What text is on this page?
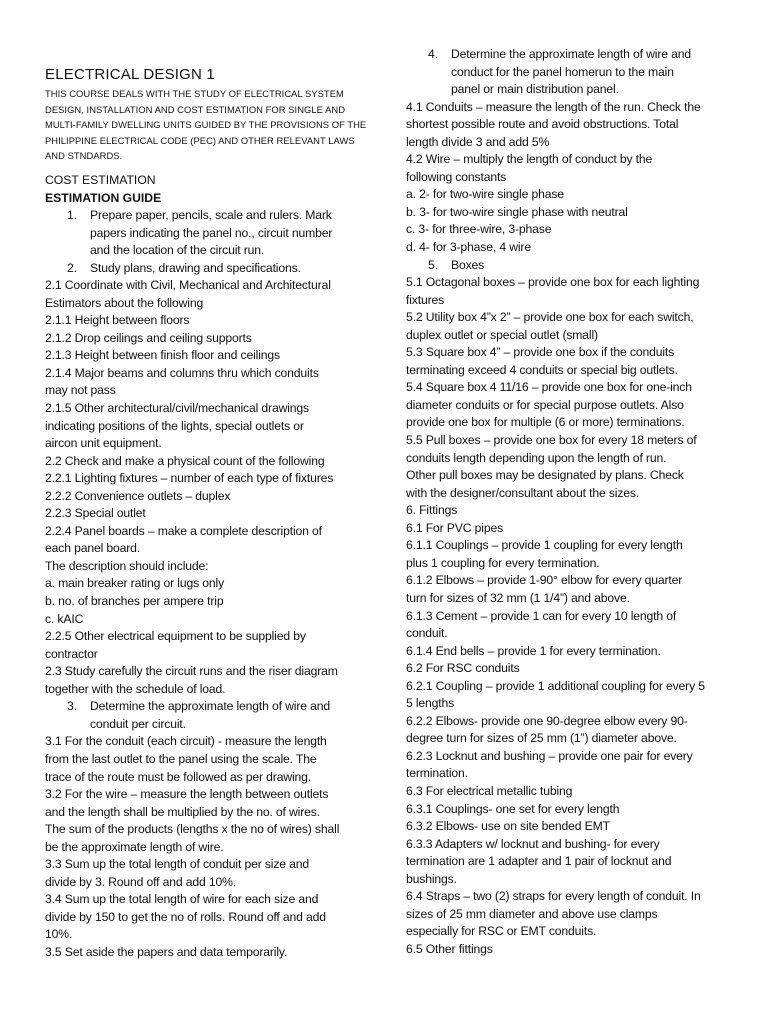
ELECTRICAL DESIGN 1
THIS COURSE DEALS WITH THE STUDY OF ELECTRICAL SYSTEM
DESIGN, INSTALLATION AND COST ESTIMATION FOR SINGLE AND
MULTI-FAMILY DWELLING UNITS GUIDED BY THE PROVISIONS OF THE
PHILIPPINE ELECTRICAL CODE (PEC) AND OTHER RELEVANT LAWS
AND STNDARDS.
COST ESTIMATION
ESTIMATION GUIDE
1. Prepare paper, pencils, scale and rulers. Mark
papers indicating the panel no., circuit number
and the location of the circuit run.
2. Study plans, drawing and specifications.
2.1 Coordinate with Civil, Mechanical and Architectural
Estimators about the following
2.1.1 Height between floors
2.1.2 Drop ceilings and ceiling supports
2.1.3 Height between finish floor and ceilings
2.1.4 Major beams and columns thru which conduits
may not pass
2.1.5 Other architectural/civil/mechanical drawings
indicating positions of the lights, special outlets or
aircon unit equipment.
2.2 Check and make a physical count of the following
2.2.1 Lighting fixtures – number of each type of fixtures
2.2.2 Convenience outlets – duplex
2.2.3 Special outlet
2.2.4 Panel boards – make a complete description of
each panel board.
The description should include:
a. main breaker rating or lugs only
b. no. of branches per ampere trip
c. kAIC
2.2.5 Other electrical equipment to be supplied by
contractor
2.3 Study carefully the circuit runs and the riser diagram
together with the schedule of load.
3. Determine the approximate length of wire and
conduit per circuit.
3.1 For the conduit (each circuit) - measure the length
from the last outlet to the panel using the scale. The
trace of the route must be followed as per drawing.
3.2 For the wire – measure the length between outlets
and the length shall be multiplied by the no. of wires.
The sum of the products (lengths x the no of wires) shall
be the approximate length of wire.
3.3 Sum up the total length of conduit per size and
divide by 3. Round off and add 10%.
3.4 Sum up the total length of wire for each size and
divide by 150 to get the no of rolls. Round off and add
10%.
3.5 Set aside the papers and data temporarily.
4. Determine the approximate length of wire and
conduct for the panel homerun to the main
panel or main distribution panel.
4.1 Conduits – measure the length of the run. Check the
shortest possible route and avoid obstructions. Total
length divide 3 and add 5%
4.2 Wire – multiply the length of conduct by the
following constants
a. 2- for two-wire single phase
b. 3- for two-wire single phase with neutral
c. 3- for three-wire, 3-phase
d. 4- for 3-phase, 4 wire
5. Boxes
5.1 Octagonal boxes – provide one box for each lighting
fixtures
5.2 Utility box 4”x 2” – provide one box for each switch,
duplex outlet or special outlet (small)
5.3 Square box 4” – provide one box if the conduits
terminating exceed 4 conduits or special big outlets.
5.4 Square box 4 11/16 – provide one box for one-inch
diameter conduits or for special purpose outlets. Also
provide one box for multiple (6 or more) terminations.
5.5 Pull boxes – provide one box for every 18 meters of
conduits length depending upon the length of run.
Other pull boxes may be designated by plans. Check
with the designer/consultant about the sizes.
6. Fittings
6.1 For PVC pipes
6.1.1 Couplings – provide 1 coupling for every length
plus 1 coupling for every termination.
6.1.2 Elbows – provide 1-90° elbow for every quarter
turn for sizes of 32 mm (1 1/4”) and above.
6.1.3 Cement – provide 1 can for every 10 length of
conduit.
6.1.4 End bells – provide 1 for every termination.
6.2 For RSC conduits
6.2.1 Coupling – provide 1 additional coupling for every 5
5 lengths
6.2.2 Elbows- provide one 90-degree elbow every 90-
degree turn for sizes of 25 mm (1”) diameter above.
6.2.3 Locknut and bushing – provide one pair for every
termination.
6.3 For electrical metallic tubing
6.3.1 Couplings- one set for every length
6.3.2 Elbows- use on site bended EMT
6.3.3 Adapters w/ locknut and bushing- for every
termination are 1 adapter and 1 pair of locknut and
bushings.
6.4 Straps – two (2) straps for every length of conduit. In
sizes of 25 mm diameter and above use clamps
especially for RSC or EMT conduits.
6.5 Other fittings
